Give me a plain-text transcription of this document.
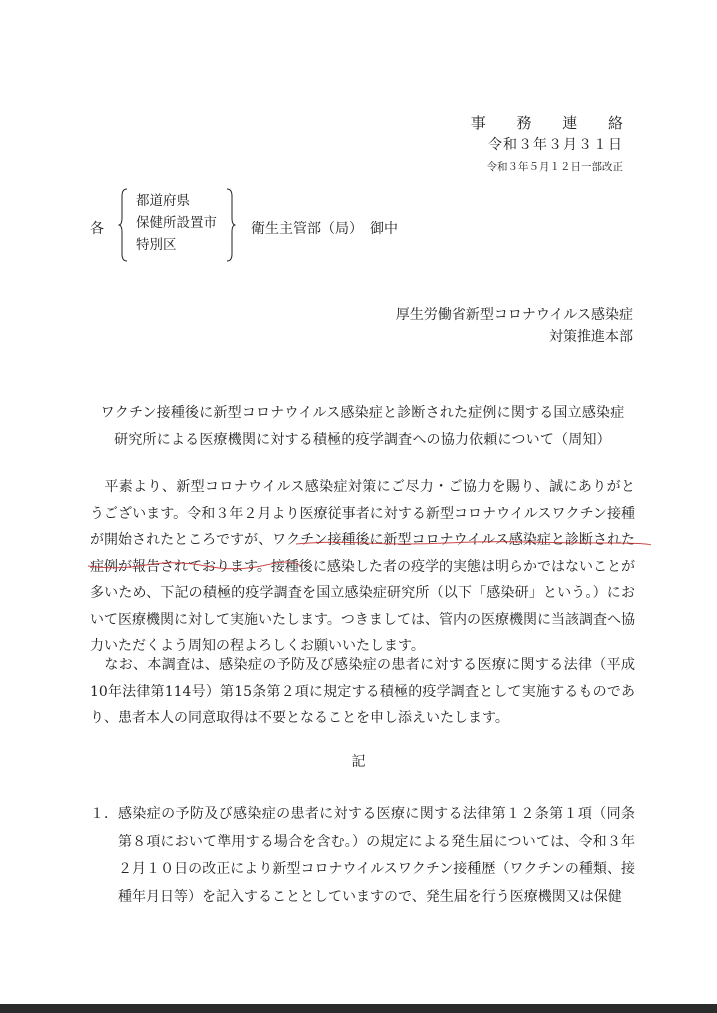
事 務 連 絡
令和３年３月３１日
令和３年５月１２日一部改正
各
都道府県
保健所設置市
特別区
衛生主管部（局）　御中
厚生労働省新型コロナウイルス感染症
対策推進本部
ワクチン接種後に新型コロナウイルス感染症と診断された症例に関する国立感染症
研究所による医療機関に対する積極的疫学調査への協力依頼について（周知）
平素より、新型コロナウイルス感染症対策にご尽力・ご協力を賜り、誠にありがとうございます。令和３年２月より医療従事者に対する新型コロナウイルスワクチン接種が開始されたところですが、ワクチン接種後に新型コロナウイルス感染症と診断された症例が報告されております。接種後に感染した者の疫学的実態は明らかではないことが多いため、下記の積極的疫学調査を国立感染症研究所（以下「感染研」という。）において医療機関に対して実施いたします。つきましては、管内の医療機関に当該調査へ協力いただくよう周知の程よろしくお願いいたします。
なお、本調査は、感染症の予防及び感染症の患者に対する医療に関する法律（平成10年法律第114号）第15条第２項に規定する積極的疫学調査として実施するものであり、患者本人の同意取得は不要となることを申し添えいたします。
記
１． 感染症の予防及び感染症の患者に対する医療に関する法律第１２条第１項（同条第８項において準用する場合を含む。）の規定による発生届については、令和３年２月１０日の改正により新型コロナウイルスワクチン接種歴（ワクチンの種類、接種年月日等）を記入することとしていますので、発生届を行う医療機関又は保健
